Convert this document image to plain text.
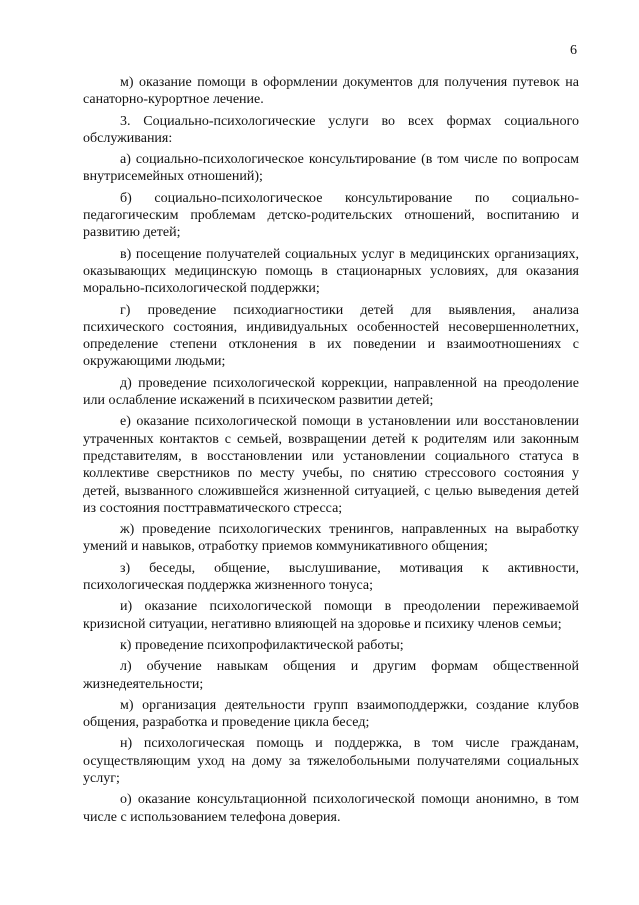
6

м) оказание помощи в оформлении документов для получения путевок на санаторно-курортное лечение.

3. Социально-психологические услуги во всех формах социального обслуживания:

а) социально-психологическое консультирование (в том числе по вопросам внутрисемейных отношений);

б) социально-психологическое консультирование по социально-педагогическим проблемам детско-родительских отношений, воспитанию и развитию детей;

в) посещение получателей социальных услуг в медицинских организациях, оказывающих медицинскую помощь в стационарных условиях, для оказания морально-психологической поддержки;

г) проведение психодиагностики детей для выявления, анализа психического состояния, индивидуальных особенностей несовершеннолетних, определение степени отклонения в их поведении и взаимоотношениях с окружающими людьми;

д) проведение психологической коррекции, направленной на преодоление или ослабление искажений в психическом развитии детей;

е) оказание психологической помощи в установлении или восстановлении утраченных контактов с семьей, возвращении детей к родителям или законным представителям, в восстановлении или установлении социального статуса в коллективе сверстников по месту учебы, по снятию стрессового состояния у детей, вызванного сложившейся жизненной ситуацией, с целью выведения детей из состояния посттравматического стресса;

ж) проведение психологических тренингов, направленных на выработку умений и навыков, отработку приемов коммуникативного общения;

з) беседы, общение, выслушивание, мотивация к активности, психологическая поддержка жизненного тонуса;

и) оказание психологической помощи в преодолении переживаемой кризисной ситуации, негативно влияющей на здоровье и психику членов семьи;

к) проведение психопрофилактической работы;

л) обучение навыкам общения и другим формам общественной жизнедеятельности;

м) организация деятельности групп взаимоподдержки, создание клубов общения, разработка и проведение цикла бесед;

н) психологическая помощь и поддержка, в том числе гражданам, осуществляющим уход на дому за тяжелобольными получателями социальных услуг;

о) оказание консультационной психологической помощи анонимно, в том числе с использованием телефона доверия.
